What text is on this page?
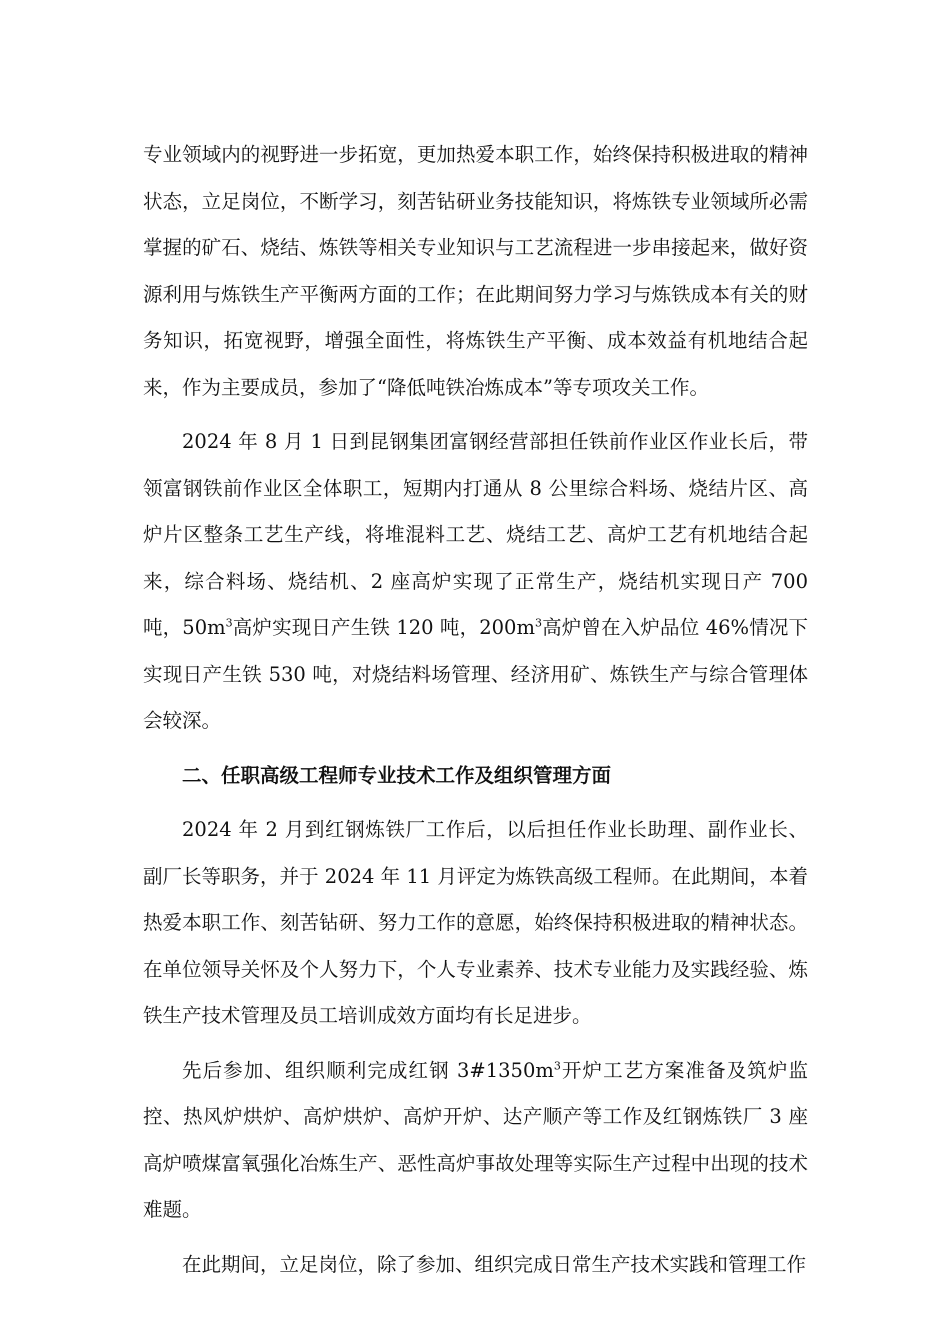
专业领域内的视野进一步拓宽，更加热爱本职工作，始终保持积极进取的精神状态，立足岗位，不断学习，刻苦钻研业务技能知识，将炼铁专业领域所必需掌握的矿石、烧结、炼铁等相关专业知识与工艺流程进一步串接起来，做好资源利用与炼铁生产平衡两方面的工作；在此期间努力学习与炼铁成本有关的财务知识，拓宽视野，增强全面性，将炼铁生产平衡、成本效益有机地结合起来，作为主要成员，参加了“降低吨铁冶炼成本”等专项攻关工作。

2024 年 8 月 1 日到昆钢集团富钢经营部担任铁前作业区作业长后，带领富钢铁前作业区全体职工，短期内打通从 8 公里综合料场、烧结片区、高炉片区整条工艺生产线，将堆混料工艺、烧结工艺、高炉工艺有机地结合起来，综合料场、烧结机、2 座高炉实现了正常生产，烧结机实现日产 700 吨，$50m^3$高炉实现日产生铁 120 吨，$200m^3$高炉曾在入炉品位 46%情况下实现日产生铁 530 吨，对烧结料场管理、经济用矿、炼铁生产与综合管理体会较深。

二、任职高级工程师专业技术工作及组织管理方面

2024 年 2 月到红钢炼铁厂工作后，以后担任作业长助理、副作业长、副厂长等职务，并于 2024 年 11 月评定为炼铁高级工程师。在此期间，本着热爱本职工作、刻苦钻研、努力工作的意愿，始终保持积极进取的精神状态。在单位领导关怀及个人努力下，个人专业素养、技术专业能力及实践经验、炼铁生产技术管理及员工培训成效方面均有长足进步。

先后参加、组织顺利完成红钢 $3\#1350m^3$开炉工艺方案准备及筑炉监控、热风炉烘炉、高炉烘炉、高炉开炉、达产顺产等工作及红钢炼铁厂 3 座高炉喷煤富氧强化冶炼生产、恶性高炉事故处理等实际生产过程中出现的技术难题。

在此期间，立足岗位，除了参加、组织完成日常生产技术实践和管理工作
